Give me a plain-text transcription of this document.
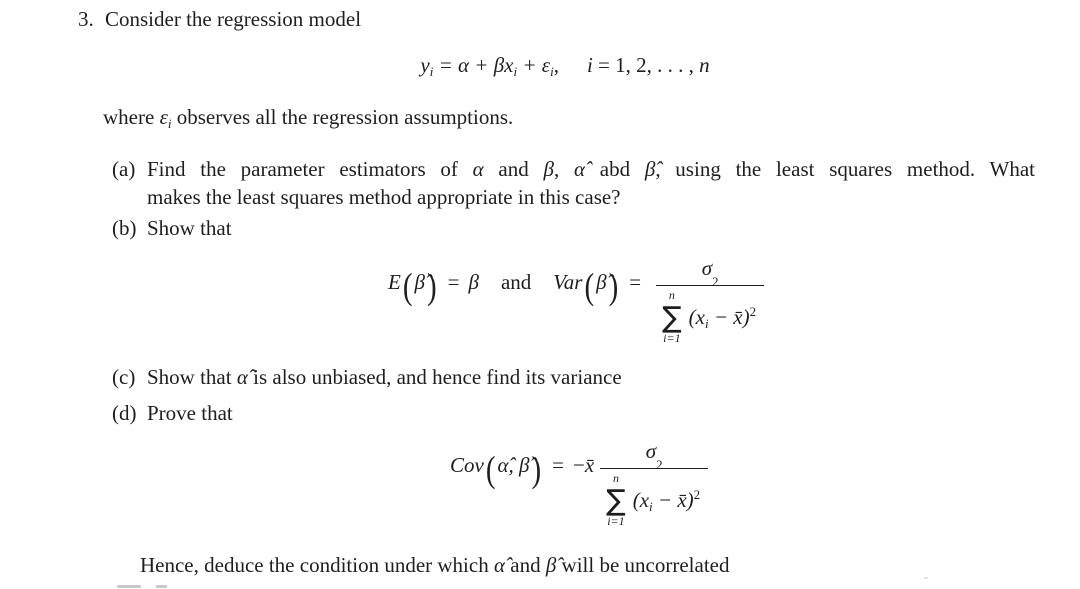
3. Consider the regression model
$y_i = \alpha + \beta x_i + \varepsilon_i$, i = 1, 2, . . . , n
where $\varepsilon_i$ observes all the regression assumptions.
(a) Find the parameter estimators of α and β, α̂ abd β̂, using the least squares method. What
makes the least squares method appropriate in this case?
(b) Show that
E(β̂) = β and Var(β̂) = σ
2
n
∑
i=1
($x_i$ − x̄)$^2$
(c) Show that α̂ is also unbiased, and hence find its variance
(d) Prove that
Cov(α̂, β̂) = −x̄ σ
2
n
∑
i=1
($x_i$ − x̄)$^2$
Hence, deduce the condition under which α̂ and β̂ will be uncorrelated
